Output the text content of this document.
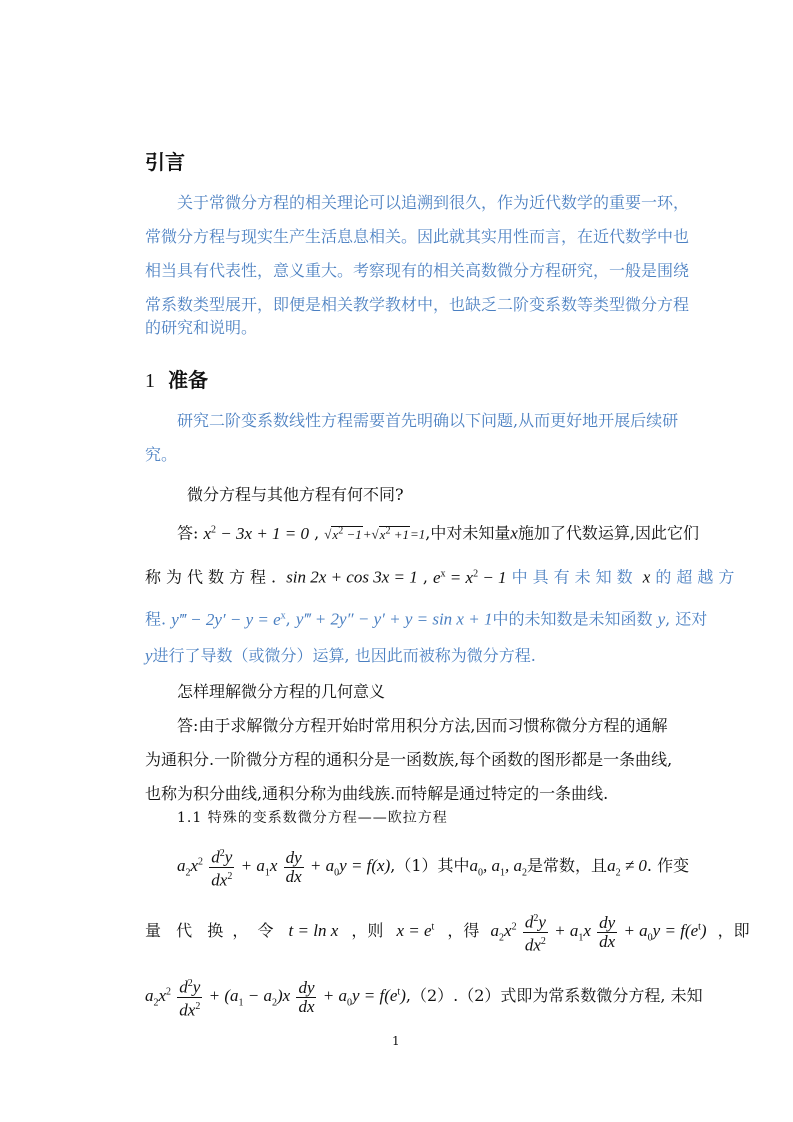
引言
关于常微分方程的相关理论可以追溯到很久，作为近代数学的重要一环，
常微分方程与现实生产生活息息相关。因此就其实用性而言，在近代数学中也
相当具有代表性，意义重大。考察现有的相关高数微分方程研究，一般是围绕
常系数类型展开，即便是相关教学教材中，也缺乏二阶变系数等类型微分方程
的研究和说明。
1 准备
研究二阶变系数线性方程需要首先明确以下问题,从而更好地开展后续研
究。
微分方程与其他方程有何不同?
答: $x^2 - 3x + 1 = 0$ , $√x^2 -1+√x^2 +1=1$,中对未知量x施加了代数运算,因此它们
称为代数方程. sin 2x + cos 3x = 1 , $e^x = x^2 - 1$ 中具有未知数 x 的超越方
程. y‴ − $2y' - y = e^x$, y‴ + 2y″ − y′ + y = sin x + 1中的未知数是未知函数 y, 还对
y进行了导数（或微分）运算, 也因此而被称为微分方程.
怎样理解微分方程的几何意义
答:由于求解微分方程开始时常用积分方法,因而习惯称微分方程的通解
为通积分.一阶微分方程的通积分是一函数族,每个函数的图形都是一条曲线,
也称为积分曲线,通积分称为曲线族.而特解是通过特定的一条曲线.
1.1 特殊的变系数微分方程——欧拉方程
$a_2x^2 \frac{d^2y}{dx^2} + a_1x \frac{dy}{dx} + a_0y = f(x),(1)$其中$a_0$, $a_1$, $a_2$是常数，且$a_2 \ne 0$. 作变
量 代 换 ， 令 t = ln x ，则 $x = e^t$ ，得 $a_2x^2 \frac{d^2y}{dx^2} + a_1x \frac{dy}{dx} + a_0y = f(e^t)$ ，即
$a_2x^2 \frac{d^2y}{dx^2} + (a_1 - a_2)x \frac{dy}{dx} + a_0y = f(e^t),(2).(2)$式即为常系数微分方程, 未知
1
